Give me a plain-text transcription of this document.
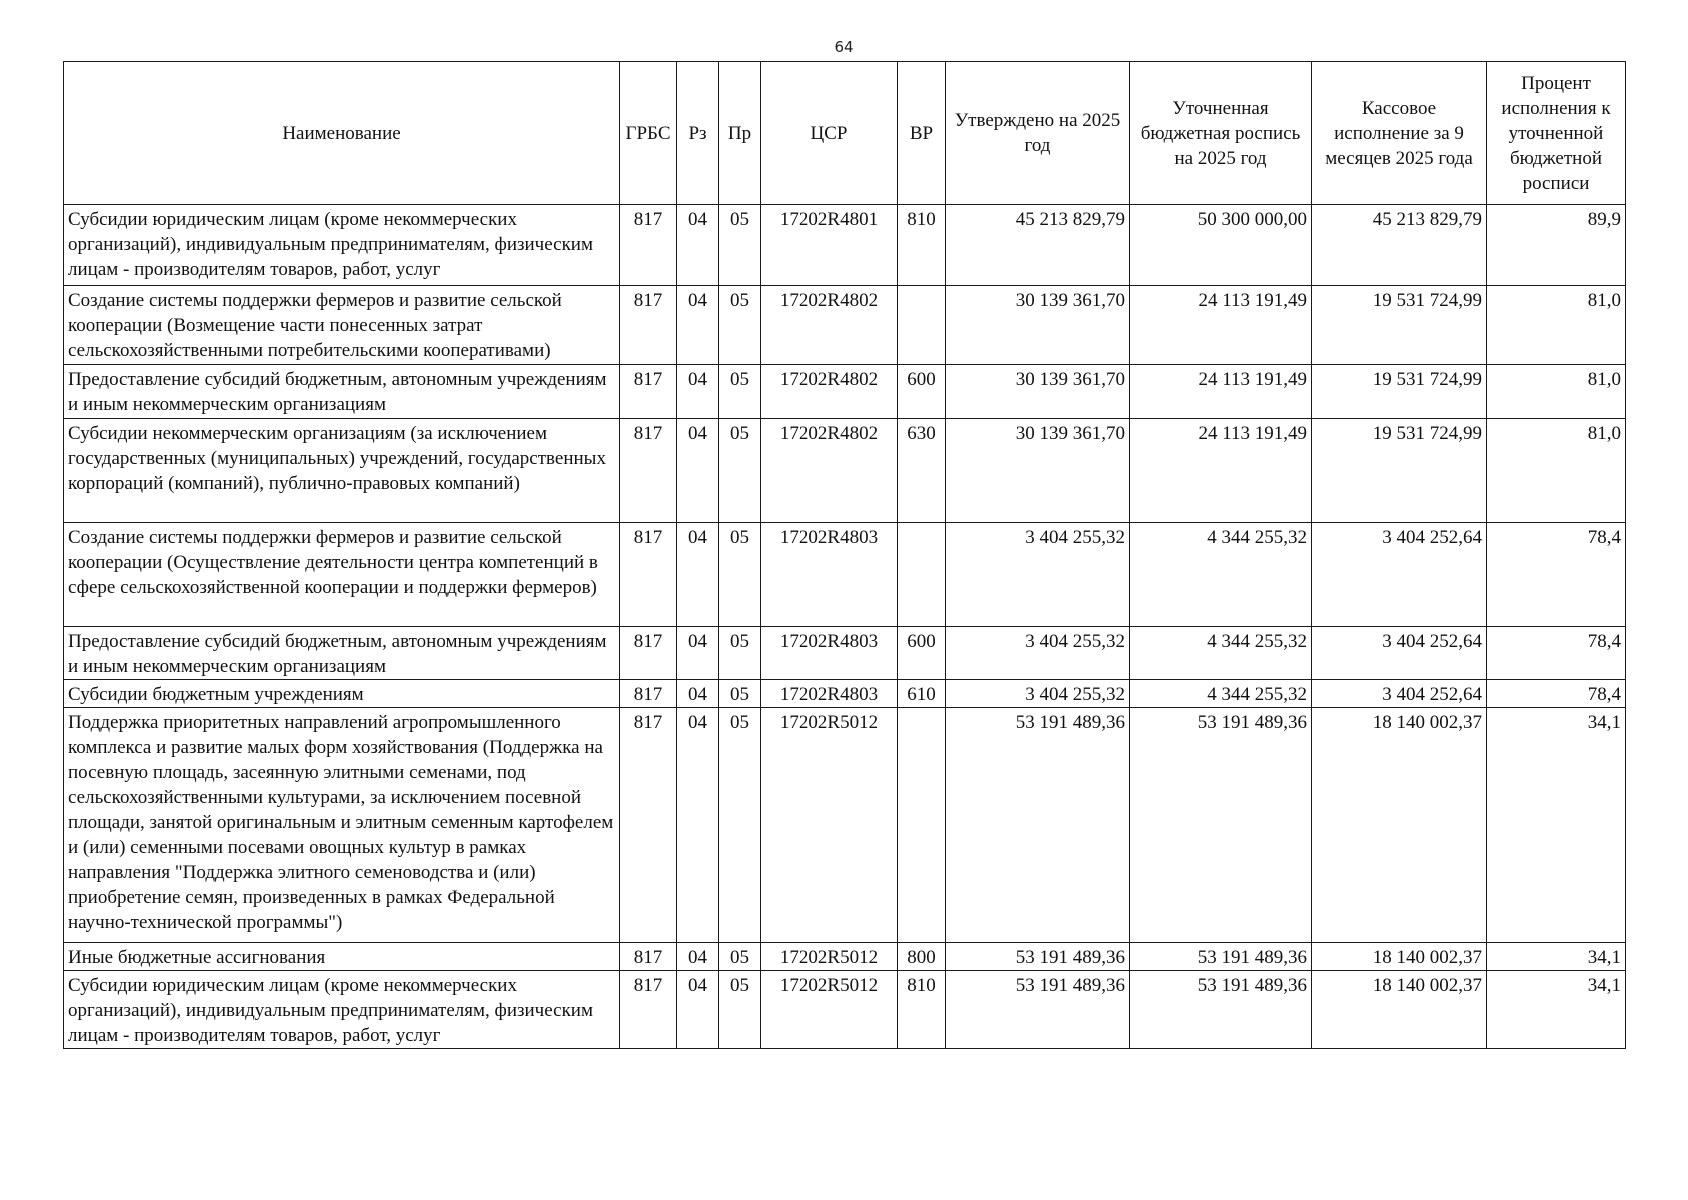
64
Наименование	ГРБС	Рз	Пр	ЦСР	ВР	Утверждено на 2025 год	Уточненная бюджетная роспись на 2025 год	Кассовое исполнение за 9 месяцев 2025 года	Процент исполнения к уточненной бюджетной росписи
Субсидии юридическим лицам (кроме некоммерческих организаций), индивидуальным предпринимателям, физическим лицам - производителям товаров, работ, услуг	817	04	05	17202R4801	810	45 213 829,79	50 300 000,00	45 213 829,79	89,9
Создание системы поддержки фермеров и развитие сельской кооперации (Возмещение части понесенных затрат сельскохозяйственными потребительскими кооперативами)	817	04	05	17202R4802		30 139 361,70	24 113 191,49	19 531 724,99	81,0
Предоставление субсидий бюджетным, автономным учреждениям и иным некоммерческим организациям	817	04	05	17202R4802	600	30 139 361,70	24 113 191,49	19 531 724,99	81,0
Субсидии некоммерческим организациям (за исключением государственных (муниципальных) учреждений, государственных корпораций (компаний), публично-правовых компаний)	817	04	05	17202R4802	630	30 139 361,70	24 113 191,49	19 531 724,99	81,0
Создание системы поддержки фермеров и развитие сельской кооперации (Осуществление деятельности центра компетенций в сфере сельскохозяйственной кооперации и поддержки фермеров)	817	04	05	17202R4803		3 404 255,32	4 344 255,32	3 404 252,64	78,4
Предоставление субсидий бюджетным, автономным учреждениям и иным некоммерческим организациям	817	04	05	17202R4803	600	3 404 255,32	4 344 255,32	3 404 252,64	78,4
Субсидии бюджетным учреждениям	817	04	05	17202R4803	610	3 404 255,32	4 344 255,32	3 404 252,64	78,4
Поддержка приоритетных направлений агропромышленного комплекса и развитие малых форм хозяйствования (Поддержка на посевную площадь, засеянную элитными семенами, под сельскохозяйственными культурами, за исключением посевной площади, занятой оригинальным и элитным семенным картофелем и (или) семенными посевами овощных культур в рамках направления "Поддержка элитного семеноводства и (или) приобретение семян, произведенных в рамках Федеральной научно-технической программы")	817	04	05	17202R5012		53 191 489,36	53 191 489,36	18 140 002,37	34,1
Иные бюджетные ассигнования	817	04	05	17202R5012	800	53 191 489,36	53 191 489,36	18 140 002,37	34,1
Субсидии юридическим лицам (кроме некоммерческих организаций), индивидуальным предпринимателям, физическим лицам - производителям товаров, работ, услуг	817	04	05	17202R5012	810	53 191 489,36	53 191 489,36	18 140 002,37	34,1
